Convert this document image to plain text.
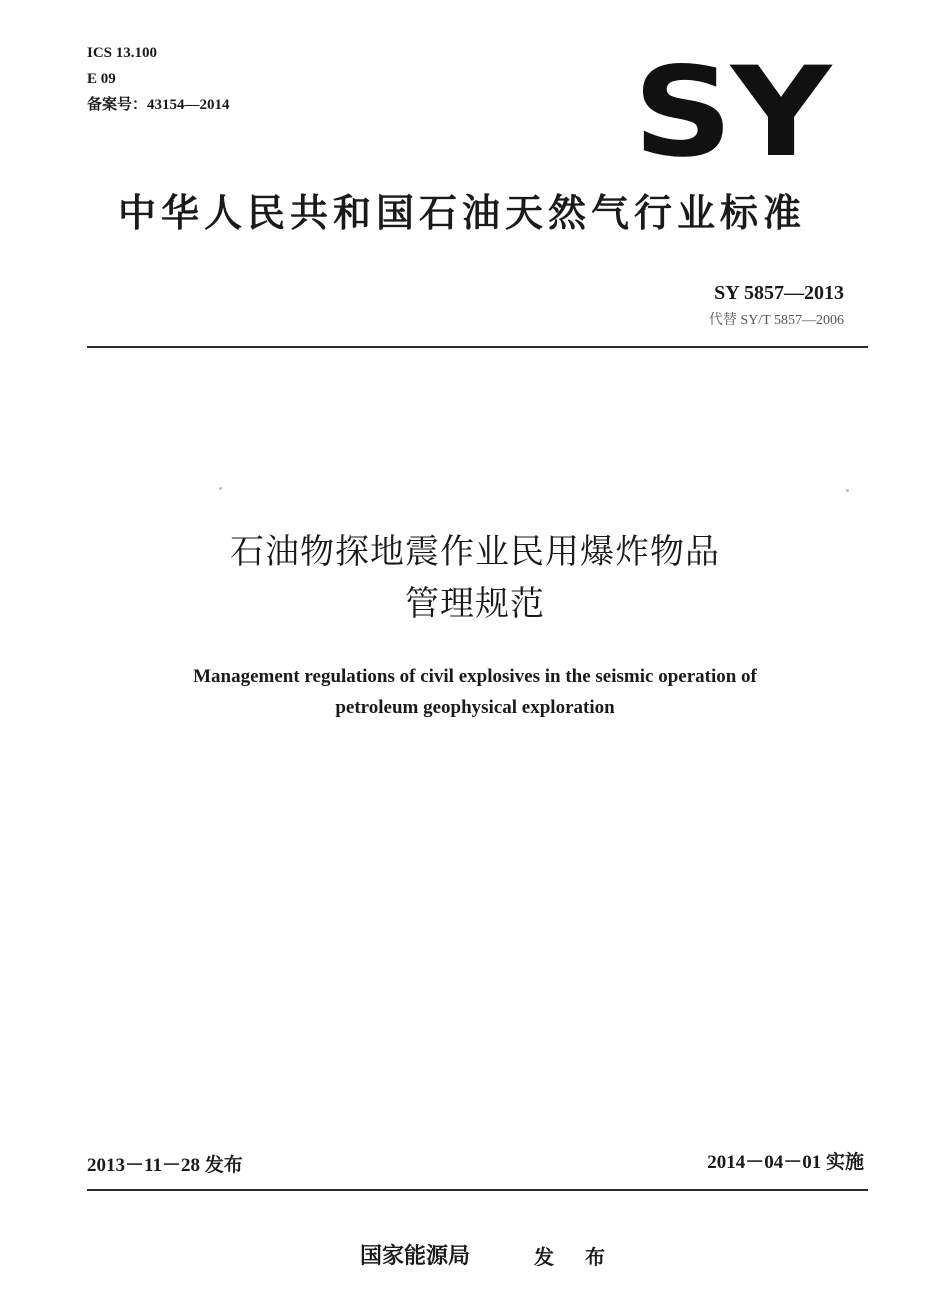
ICS 13.100
E 09
备案号：43154—2014	SY
中华人民共和国石油天然气行业标准
SY 5857—2013
代替 SY/T 5857—2006
石油物探地震作业民用爆炸物品
管理规范
Management regulations of civil explosives in the seismic operation of
petroleum geophysical exploration
2013－11－28 发布	2014－04－01 实施
国家能源局	发 布
